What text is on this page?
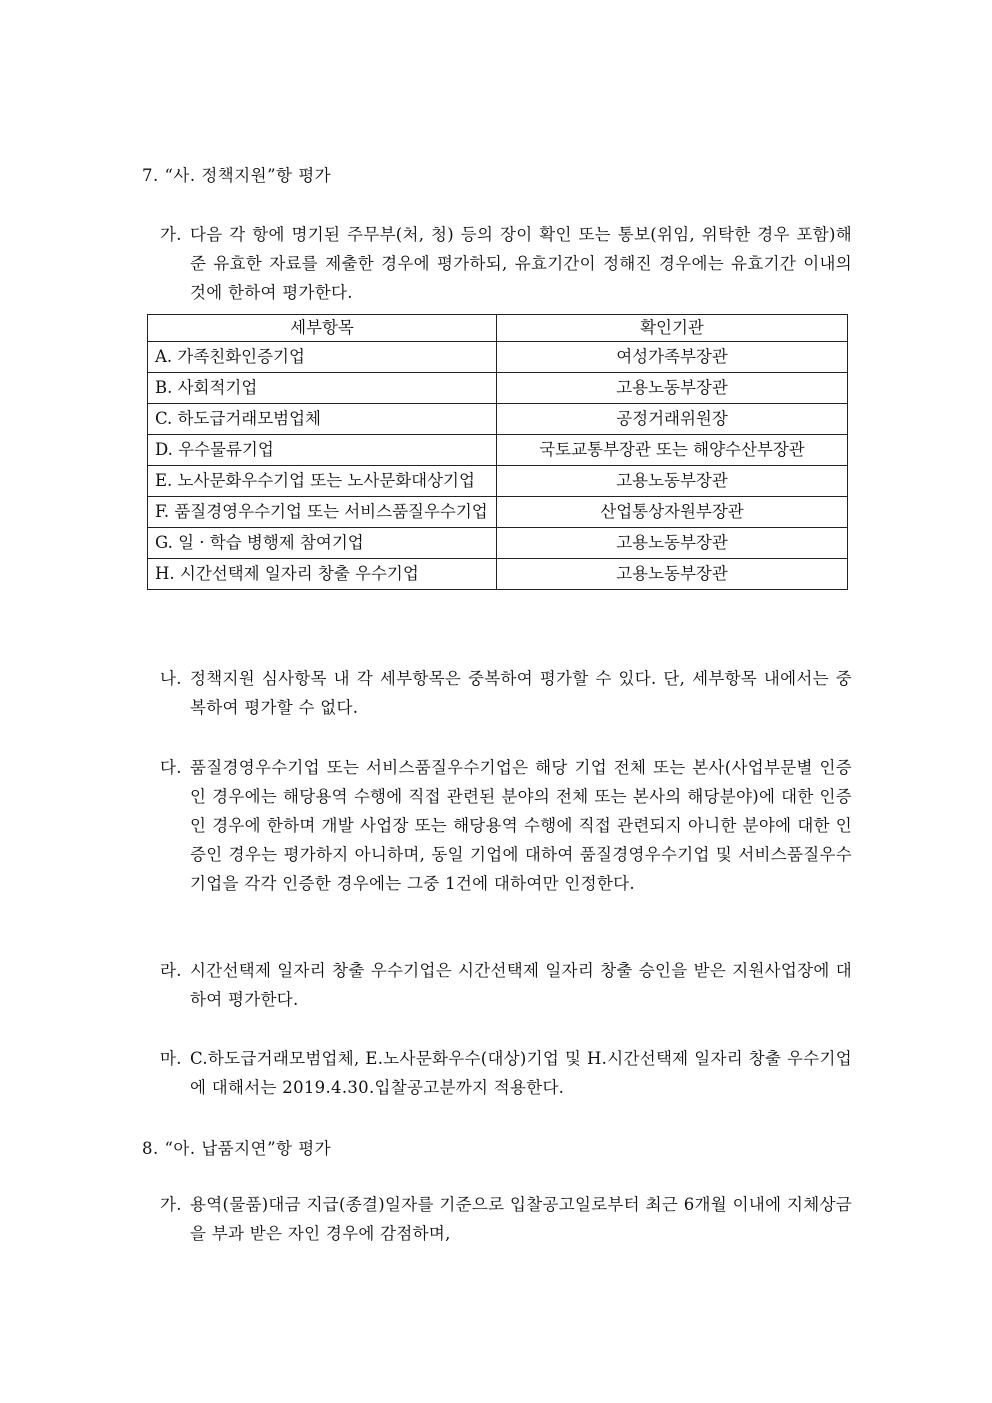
7. “사. 정책지원”항 평가
가. 다음 각 항에 명기된 주무부(처, 청) 등의 장이 확인 또는 통보(위임, 위탁한 경우 포함)해 준 유효한 자료를 제출한 경우에 평가하되, 유효기간이 정해진 경우에는 유효기간 이내의 것에 한하여 평가한다.
세부항목	확인기관
A. 가족친화인증기업	여성가족부장관
B. 사회적기업	고용노동부장관
C. 하도급거래모범업체	공정거래위원장
D. 우수물류기업	국토교통부장관 또는 해양수산부장관
E. 노사문화우수기업 또는 노사문화대상기업	고용노동부장관
F. 품질경영우수기업 또는 서비스품질우수기업	산업통상자원부장관
G. 일 · 학습 병행제 참여기업	고용노동부장관
H. 시간선택제 일자리 창출 우수기업	고용노동부장관
나. 정책지원 심사항목 내 각 세부항목은 중복하여 평가할 수 있다. 단, 세부항목 내에서는 중복하여 평가할 수 없다.
다. 품질경영우수기업 또는 서비스품질우수기업은 해당 기업 전체 또는 본사(사업부문별 인증인 경우에는 해당용역 수행에 직접 관련된 분야의 전체 또는 본사의 해당분야)에 대한 인증인 경우에 한하며 개발 사업장 또는 해당용역 수행에 직접 관련되지 아니한 분야에 대한 인증인 경우는 평가하지 아니하며, 동일 기업에 대하여 품질경영우수기업 및 서비스품질우수기업을 각각 인증한 경우에는 그중 1건에 대하여만 인정한다.
라. 시간선택제 일자리 창출 우수기업은 시간선택제 일자리 창출 승인을 받은 지원사업장에 대하여 평가한다.
마. C.하도급거래모범업체, E.노사문화우수(대상)기업 및 H.시간선택제 일자리 창출 우수기업에 대해서는 2019.4.30.입찰공고분까지 적용한다.
8. “아. 납품지연”항 평가
가. 용역(물품)대금 지급(종결)일자를 기준으로 입찰공고일로부터 최근 6개월 이내에 지체상금을 부과 받은 자인 경우에 감점하며,
